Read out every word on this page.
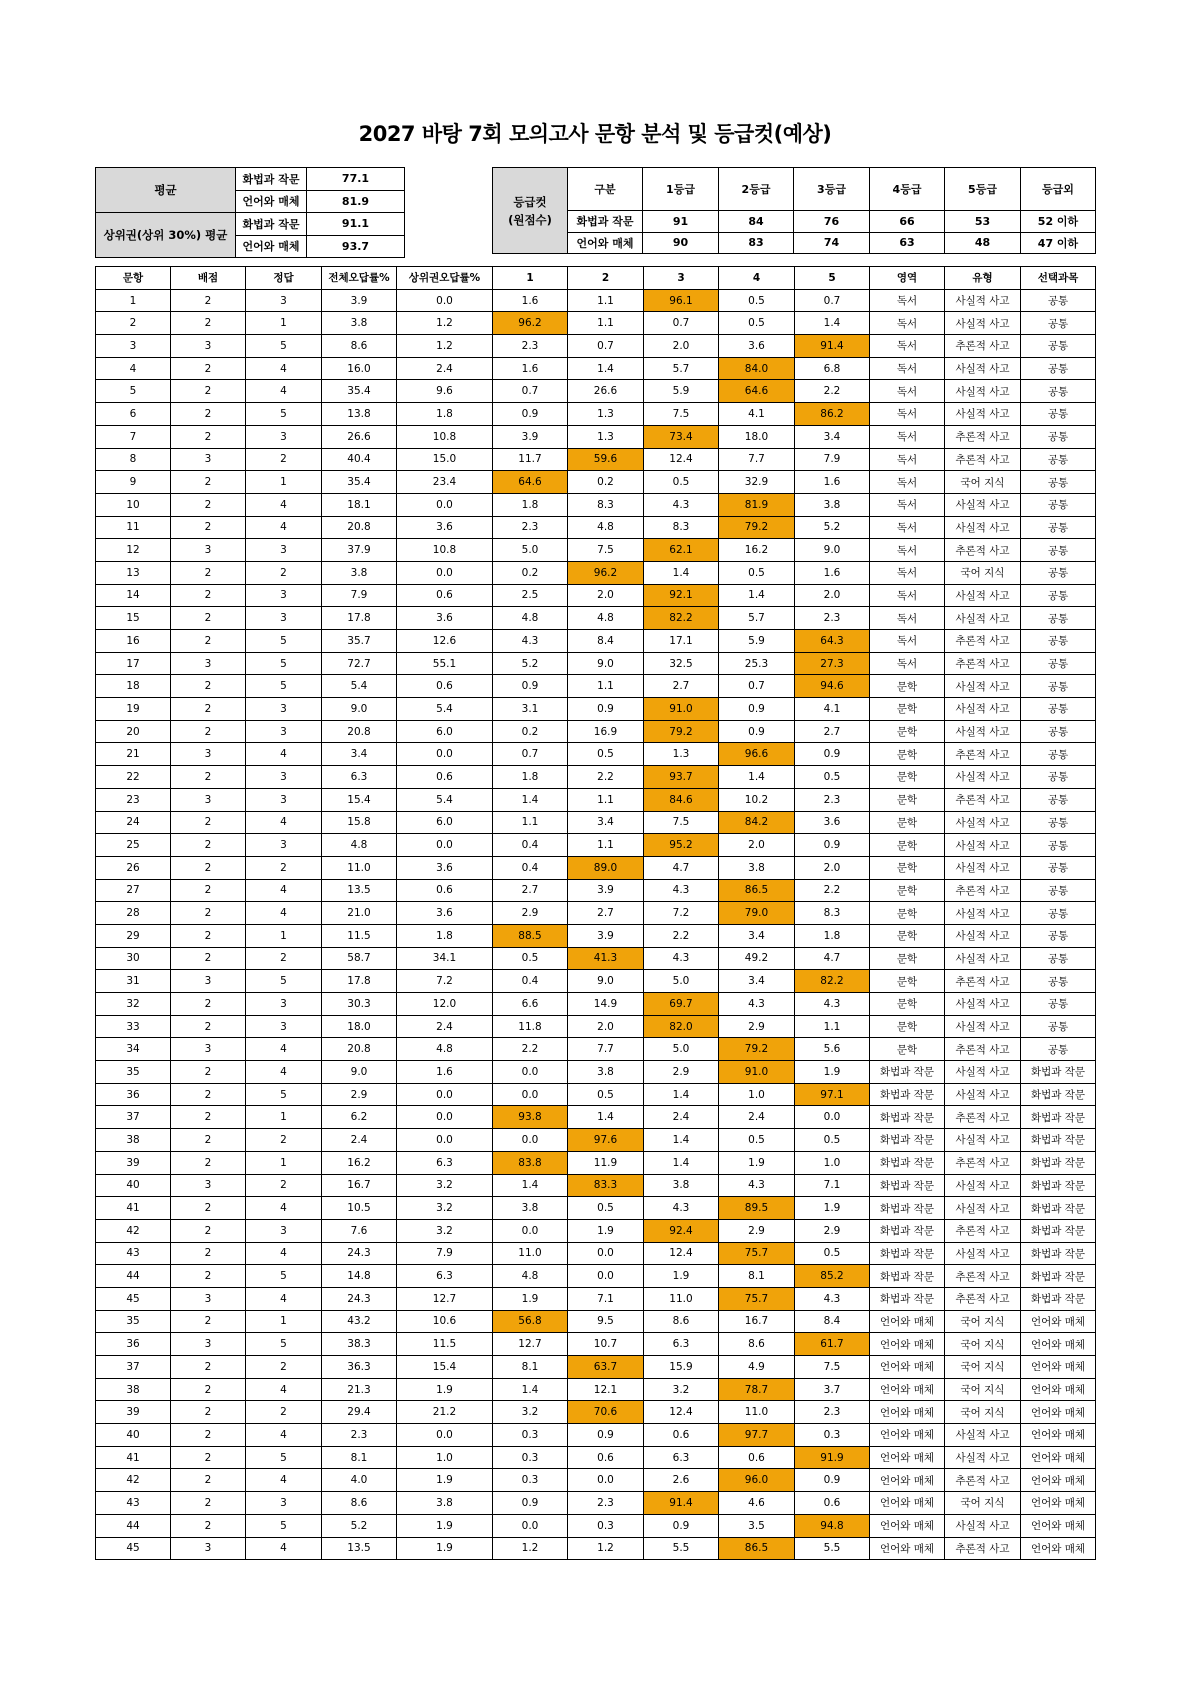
2027 바탕 7회 모의고사 문항 분석 및 등급컷(예상)
평균	화법과 작문	77.1
	언어와 매체	81.9
상위권(상위 30%) 평균	화법과 작문	91.1
	언어와 매체	93.7
등급컷
(원점수)	구분	1등급	2등급	3등급	4등급	5등급	등급외
	화법과 작문	91	84	76	66	53	52 이하
	언어와 매체	90	83	74	63	48	47 이하
문항	배점	정답	전체오답률%	상위권오답률%	1	2	3	4	5	영역	유형	선택과목
1	2	3	3.9	0.0	1.6	1.1	96.1	0.5	0.7	독서	사실적 사고	공통
2	2	1	3.8	1.2	96.2	1.1	0.7	0.5	1.4	독서	사실적 사고	공통
3	3	5	8.6	1.2	2.3	0.7	2.0	3.6	91.4	독서	추론적 사고	공통
4	2	4	16.0	2.4	1.6	1.4	5.7	84.0	6.8	독서	사실적 사고	공통
5	2	4	35.4	9.6	0.7	26.6	5.9	64.6	2.2	독서	사실적 사고	공통
6	2	5	13.8	1.8	0.9	1.3	7.5	4.1	86.2	독서	사실적 사고	공통
7	2	3	26.6	10.8	3.9	1.3	73.4	18.0	3.4	독서	추론적 사고	공통
8	3	2	40.4	15.0	11.7	59.6	12.4	7.7	7.9	독서	추론적 사고	공통
9	2	1	35.4	23.4	64.6	0.2	0.5	32.9	1.6	독서	국어 지식	공통
10	2	4	18.1	0.0	1.8	8.3	4.3	81.9	3.8	독서	사실적 사고	공통
11	2	4	20.8	3.6	2.3	4.8	8.3	79.2	5.2	독서	사실적 사고	공통
12	3	3	37.9	10.8	5.0	7.5	62.1	16.2	9.0	독서	추론적 사고	공통
13	2	2	3.8	0.0	0.2	96.2	1.4	0.5	1.6	독서	국어 지식	공통
14	2	3	7.9	0.6	2.5	2.0	92.1	1.4	2.0	독서	사실적 사고	공통
15	2	3	17.8	3.6	4.8	4.8	82.2	5.7	2.3	독서	사실적 사고	공통
16	2	5	35.7	12.6	4.3	8.4	17.1	5.9	64.3	독서	추론적 사고	공통
17	3	5	72.7	55.1	5.2	9.0	32.5	25.3	27.3	독서	추론적 사고	공통
18	2	5	5.4	0.6	0.9	1.1	2.7	0.7	94.6	문학	사실적 사고	공통
19	2	3	9.0	5.4	3.1	0.9	91.0	0.9	4.1	문학	사실적 사고	공통
20	2	3	20.8	6.0	0.2	16.9	79.2	0.9	2.7	문학	사실적 사고	공통
21	3	4	3.4	0.0	0.7	0.5	1.3	96.6	0.9	문학	추론적 사고	공통
22	2	3	6.3	0.6	1.8	2.2	93.7	1.4	0.5	문학	사실적 사고	공통
23	3	3	15.4	5.4	1.4	1.1	84.6	10.2	2.3	문학	추론적 사고	공통
24	2	4	15.8	6.0	1.1	3.4	7.5	84.2	3.6	문학	사실적 사고	공통
25	2	3	4.8	0.0	0.4	1.1	95.2	2.0	0.9	문학	사실적 사고	공통
26	2	2	11.0	3.6	0.4	89.0	4.7	3.8	2.0	문학	사실적 사고	공통
27	2	4	13.5	0.6	2.7	3.9	4.3	86.5	2.2	문학	추론적 사고	공통
28	2	4	21.0	3.6	2.9	2.7	7.2	79.0	8.3	문학	사실적 사고	공통
29	2	1	11.5	1.8	88.5	3.9	2.2	3.4	1.8	문학	사실적 사고	공통
30	2	2	58.7	34.1	0.5	41.3	4.3	49.2	4.7	문학	사실적 사고	공통
31	3	5	17.8	7.2	0.4	9.0	5.0	3.4	82.2	문학	추론적 사고	공통
32	2	3	30.3	12.0	6.6	14.9	69.7	4.3	4.3	문학	사실적 사고	공통
33	2	3	18.0	2.4	11.8	2.0	82.0	2.9	1.1	문학	사실적 사고	공통
34	3	4	20.8	4.8	2.2	7.7	5.0	79.2	5.6	문학	추론적 사고	공통
35	2	4	9.0	1.6	0.0	3.8	2.9	91.0	1.9	화법과 작문	사실적 사고	화법과 작문
36	2	5	2.9	0.0	0.0	0.5	1.4	1.0	97.1	화법과 작문	사실적 사고	화법과 작문
37	2	1	6.2	0.0	93.8	1.4	2.4	2.4	0.0	화법과 작문	추론적 사고	화법과 작문
38	2	2	2.4	0.0	0.0	97.6	1.4	0.5	0.5	화법과 작문	사실적 사고	화법과 작문
39	2	1	16.2	6.3	83.8	11.9	1.4	1.9	1.0	화법과 작문	추론적 사고	화법과 작문
40	3	2	16.7	3.2	1.4	83.3	3.8	4.3	7.1	화법과 작문	사실적 사고	화법과 작문
41	2	4	10.5	3.2	3.8	0.5	4.3	89.5	1.9	화법과 작문	사실적 사고	화법과 작문
42	2	3	7.6	3.2	0.0	1.9	92.4	2.9	2.9	화법과 작문	추론적 사고	화법과 작문
43	2	4	24.3	7.9	11.0	0.0	12.4	75.7	0.5	화법과 작문	사실적 사고	화법과 작문
44	2	5	14.8	6.3	4.8	0.0	1.9	8.1	85.2	화법과 작문	추론적 사고	화법과 작문
45	3	4	24.3	12.7	1.9	7.1	11.0	75.7	4.3	화법과 작문	추론적 사고	화법과 작문
35	2	1	43.2	10.6	56.8	9.5	8.6	16.7	8.4	언어와 매체	국어 지식	언어와 매체
36	3	5	38.3	11.5	12.7	10.7	6.3	8.6	61.7	언어와 매체	국어 지식	언어와 매체
37	2	2	36.3	15.4	8.1	63.7	15.9	4.9	7.5	언어와 매체	국어 지식	언어와 매체
38	2	4	21.3	1.9	1.4	12.1	3.2	78.7	3.7	언어와 매체	국어 지식	언어와 매체
39	2	2	29.4	21.2	3.2	70.6	12.4	11.0	2.3	언어와 매체	국어 지식	언어와 매체
40	2	4	2.3	0.0	0.3	0.9	0.6	97.7	0.3	언어와 매체	사실적 사고	언어와 매체
41	2	5	8.1	1.0	0.3	0.6	6.3	0.6	91.9	언어와 매체	사실적 사고	언어와 매체
42	2	4	4.0	1.9	0.3	0.0	2.6	96.0	0.9	언어와 매체	추론적 사고	언어와 매체
43	2	3	8.6	3.8	0.9	2.3	91.4	4.6	0.6	언어와 매체	국어 지식	언어와 매체
44	2	5	5.2	1.9	0.0	0.3	0.9	3.5	94.8	언어와 매체	사실적 사고	언어와 매체
45	3	4	13.5	1.9	1.2	1.2	5.5	86.5	5.5	언어와 매체	추론적 사고	언어와 매체
